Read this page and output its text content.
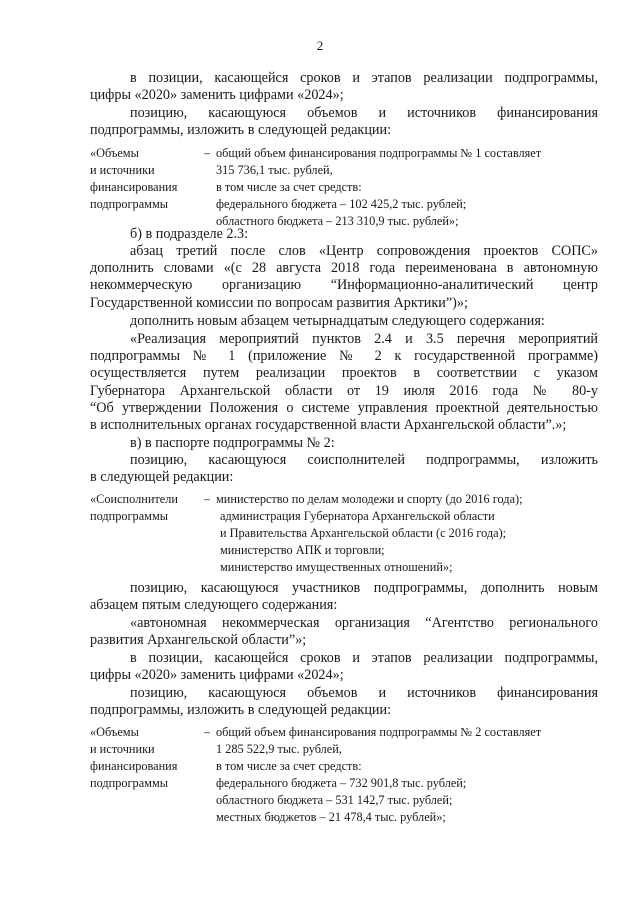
2
в позиции, касающейся сроков и этапов реализации подпрограммы,
цифры «2020» заменить цифрами «2024»;
позицию, касающуюся объемов и источников финансирования
подпрограммы, изложить в следующей редакции:
«Объемы
и источники
финансирования
подпрограммы
– общий объем финансирования подпрограммы № 1 составляет
315 736,1 тыс. рублей,
в том числе за счет средств:
федерального бюджета – 102 425,2 тыс. рублей;
областного бюджета – 213 310,9 тыс. рублей»;
б) в подразделе 2.3:
абзац третий после слов «Центр сопровождения проектов СОПС»
дополнить словами «(с 28 августа 2018 года переименована в автономную
некоммерческую организацию “Информационно-аналитический центр
Государственной комиссии по вопросам развития Арктики”)»;
дополнить новым абзацем четырнадцатым следующего содержания:
«Реализация мероприятий пунктов 2.4 и 3.5 перечня мероприятий
подпрограммы № 1 (приложение № 2 к государственной программе)
осуществляется путем реализации проектов в соответствии с указом
Губернатора Архангельской области от 19 июля 2016 года № 80-у
“Об утверждении Положения о системе управления проектной деятельностью
в исполнительных органах государственной власти Архангельской области”.»;
в) в паспорте подпрограммы № 2:
позицию, касающуюся соисполнителей подпрограммы, изложить
в следующей редакции:
«Соисполнители
подпрограммы
– министерство по делам молодежи и спорту (до 2016 года);
администрация Губернатора Архангельской области
и Правительства Архангельской области (с 2016 года);
министерство АПК и торговли;
министерство имущественных отношений»;
позицию, касающуюся участников подпрограммы, дополнить новым
абзацем пятым следующего содержания:
«автономная некоммерческая организация “Агентство регионального
развития Архангельской области”»;
в позиции, касающейся сроков и этапов реализации подпрограммы,
цифры «2020» заменить цифрами «2024»;
позицию, касающуюся объемов и источников финансирования
подпрограммы, изложить в следующей редакции:
«Объемы
и источники
финансирования
подпрограммы
– общий объем финансирования подпрограммы № 2 составляет
1 285 522,9 тыс. рублей,
в том числе за счет средств:
федерального бюджета – 732 901,8 тыс. рублей;
областного бюджета – 531 142,7 тыс. рублей;
местных бюджетов – 21 478,4 тыс. рублей»;
